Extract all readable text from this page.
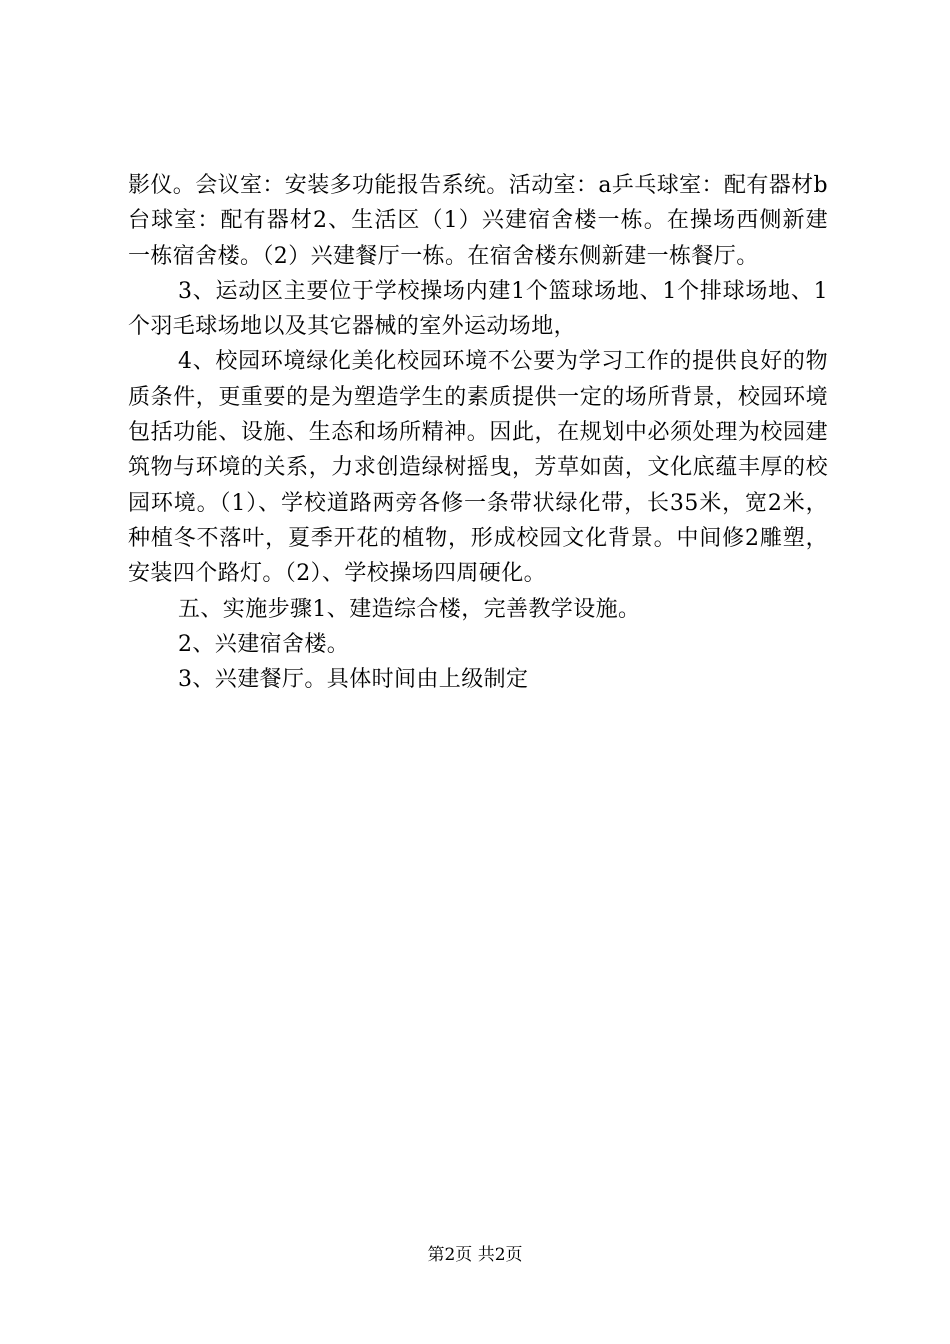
影仪。会议室：安装多功能报告系统。活动室：a乒乓球室：配有器材b台球室：配有器材2、生活区（1）兴建宿舍楼一栋。在操场西侧新建一栋宿舍楼。（2）兴建餐厅一栋。在宿舍楼东侧新建一栋餐厅。

3、运动区主要位于学校操场内建1个篮球场地、1个排球场地、1个羽毛球场地以及其它器械的室外运动场地，

4、校园环境绿化美化校园环境不公要为学习工作的提供良好的物质条件，更重要的是为塑造学生的素质提供一定的场所背景，校园环境包括功能、设施、生态和场所精神。因此，在规划中必须处理为校园建筑物与环境的关系，力求创造绿树摇曳，芳草如茵，文化底蕴丰厚的校园环境。（1）、学校道路两旁各修一条带状绿化带，长35米，宽2米，种植冬不落叶，夏季开花的植物，形成校园文化背景。中间修2雕塑，安装四个路灯。（2）、学校操场四周硬化。

五、实施步骤1、建造综合楼，完善教学设施。

2、兴建宿舍楼。

3、兴建餐厅。具体时间由上级制定

第2页 共2页
